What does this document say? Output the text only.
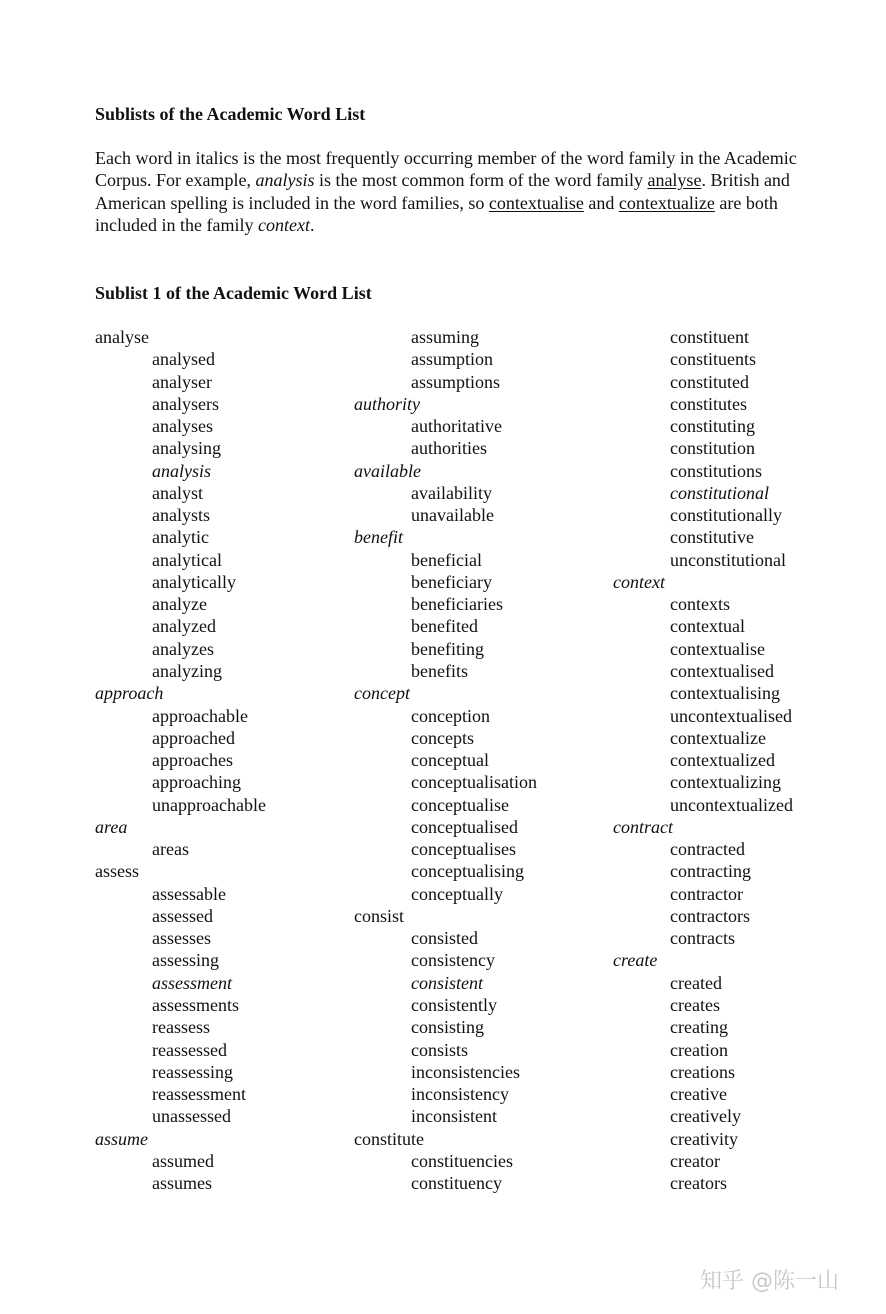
Sublists of the Academic Word List

Each word in italics is the most frequently occurring member of the word family in the Academic Corpus. For example, analysis is the most common form of the word family analyse. British and American spelling is included in the word families, so contextualise and contextualize are both included in the family context.

Sublist 1 of the Academic Word List
analyse
analysed
analyser
analysers
analyses
analysing
analysis
analyst
analysts
analytic
analytical
analytically
analyze
analyzed
analyzes
analyzing
approach
approachable
approached
approaches
approaching
unapproachable
area
areas
assess
assessable
assessed
assesses
assessing
assessment
assessments
reassess
reassessed
reassessing
reassessment
unassessed
assume
assumed
assumes
assuming
assumption
assumptions
authority
authoritative
authorities
available
availability
unavailable
benefit
beneficial
beneficiary
beneficiaries
benefited
benefiting
benefits
concept
conception
concepts
conceptual
conceptualisation
conceptualise
conceptualised
conceptualises
conceptualising
conceptually
consist
consisted
consistency
consistent
consistently
consisting
consists
inconsistencies
inconsistency
inconsistent
constitute
constituencies
constituency
constituent
constituents
constituted
constitutes
constituting
constitution
constitutions
constitutional
constitutionally
constitutive
unconstitutional
context
contexts
contextual
contextualise
contextualised
contextualising
uncontextualised
contextualize
contextualized
contextualizing
uncontextualized
contract
contracted
contracting
contractor
contractors
contracts
create
created
creates
creating
creation
creations
creative
creatively
creativity
creator
creators
知乎 @陈一山
